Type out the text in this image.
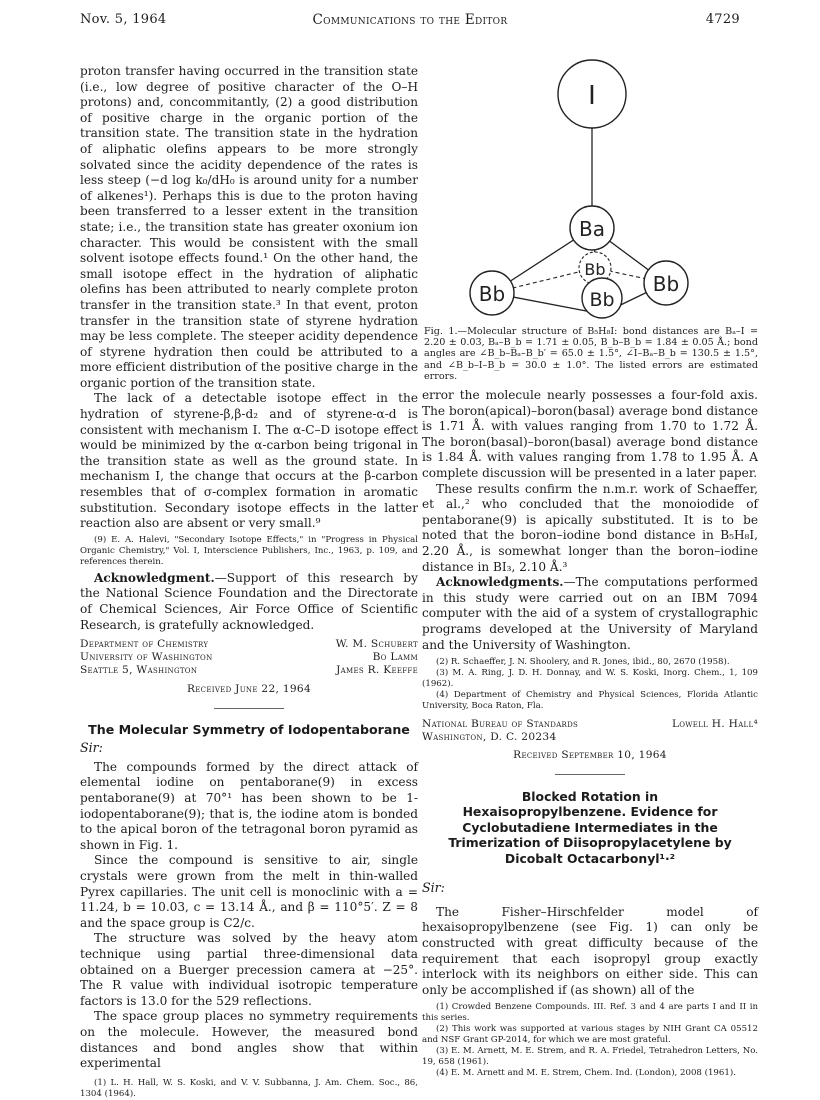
Nov. 5, 1964	Communications to the Editor	4729

proton transfer having occurred in the transition state (i.e., low degree of positive character of the O–H protons) and, concommitantly, (2) a good distribution of positive charge in the organic portion of the transition state. The transition state in the hydration of aliphatic olefins appears to be more strongly solvated since the acidity dependence of the rates is less steep (−d log k₀/dH₀ is around unity for a number of alkenes¹). Perhaps this is due to the proton having been transferred to a lesser extent in the transition state; i.e., the transition state has greater oxonium ion character. This would be consistent with the small solvent isotope effects found.¹ On the other hand, the small isotope effect in the hydration of aliphatic olefins has been attributed to nearly complete proton transfer in the transition state.³ In that event, proton transfer in the transition state of styrene hydration may be less complete. The steeper acidity dependence of styrene hydration then could be attributed to a more efficient distribution of the positive charge in the organic portion of the transition state.

The lack of a detectable isotope effect in the hydration of styrene-β,β-d₂ and of styrene-α-d is consistent with mechanism I. The α-C–D isotope effect would be minimized by the α-carbon being trigonal in the transition state as well as the ground state. In mechanism I, the change that occurs at the β-carbon resembles that of σ-complex formation in aromatic substitution. Secondary isotope effects in the latter reaction also are absent or very small.⁹

(9) E. A. Halevi, "Secondary Isotope Effects," in "Progress in Physical Organic Chemistry," Vol. I, Interscience Publishers, Inc., 1963, p. 109, and references therein.

Acknowledgment.—Support of this research by the National Science Foundation and the Directorate of Chemical Sciences, Air Force Office of Scientific Research, is gratefully acknowledged.

Department of Chemistry	W. M. Schubert
University of Washington	Bo Lamm
Seattle 5, Washington	James R. Keeffe

Received June 22, 1964

The Molecular Symmetry of Iodopentaborane

Sir:

The compounds formed by the direct attack of elemental iodine on pentaborane(9) in excess pentaborane(9) at 70°¹ has been shown to be 1-iodopentaborane(9); that is, the iodine atom is bonded to the apical boron of the tetragonal boron pyramid as shown in Fig. 1.

Since the compound is sensitive to air, single crystals were grown from the melt in thin-walled Pyrex capillaries. The unit cell is monoclinic with a = 11.24, b = 10.03, c = 13.14 Å., and β = 110°5′. Z = 8 and the space group is C2/c.

The structure was solved by the heavy atom technique using partial three-dimensional data obtained on a Buerger precession camera at −25°. The R value with individual isotropic temperature factors is 13.0 for the 529 reflections.

The space group places no symmetry requirements on the molecule. However, the measured bond distances and bond angles show that within experimental

(1) L. H. Hall, W. S. Koski, and V. V. Subbanna, J. Am. Chem. Soc., 86, 1304 (1964).

I
Ba
Bb
Bb	Bb
Bb

Fig. 1.—Molecular structure of B₅H₈I: bond distances are Bₐ–I = 2.20 ± 0.03, Bₐ–B_b = 1.71 ± 0.05, B_b–B_b = 1.84 ± 0.05 Å.; bond angles are ∠B_b–Bₐ–B_b′ = 65.0 ± 1.5°, ∠I–Bₐ–B_b = 130.5 ± 1.5°, and ∠B_b–I–B_b = 30.0 ± 1.0°. The listed errors are estimated errors.

error the molecule nearly possesses a four-fold axis. The boron(apical)–boron(basal) average bond distance is 1.71 Å. with values ranging from 1.70 to 1.72 Å. The boron(basal)–boron(basal) average bond distance is 1.84 Å. with values ranging from 1.78 to 1.95 Å. A complete discussion will be presented in a later paper.

These results confirm the n.m.r. work of Schaeffer, et al.,² who concluded that the monoiodide of pentaborane(9) is apically substituted. It is to be noted that the boron–iodine bond distance in B₅H₈I, 2.20 Å., is somewhat longer than the boron–iodine distance in BI₃, 2.10 Å.³

Acknowledgments.—The computations performed in this study were carried out on an IBM 7094 computer with the aid of a system of crystallographic programs developed at the University of Maryland and the University of Washington.

(2) R. Schaeffer, J. N. Shoolery, and R. Jones, ibid., 80, 2670 (1958).

(3) M. A. Ring, J. D. H. Donnay, and W. S. Koski, Inorg. Chem., 1, 109 (1962).

(4) Department of Chemistry and Physical Sciences, Florida Atlantic University, Boca Raton, Fla.

National Bureau of Standards	Lowell H. Hall⁴
Washington, D. C. 20234	

Received September 10, 1964

Blocked Rotation in Hexaisopropylbenzene. Evidence for Cyclobutadiene Intermediates in the Trimerization of Diisopropylacetylene by Dicobalt Octacarbonyl¹·²

Sir:

The Fisher–Hirschfelder model of hexaisopropylbenzene (see Fig. 1) can only be constructed with great difficulty because of the requirement that each isopropyl group exactly interlock with its neighbors on either side. This can only be accomplished if (as shown) all of the

(1) Crowded Benzene Compounds. III. Ref. 3 and 4 are parts I and II in this series.

(2) This work was supported at various stages by NIH Grant CA 05512 and NSF Grant GP-2014, for which we are most grateful.

(3) E. M. Arnett, M. E. Strem, and R. A. Friedel, Tetrahedron Letters, No. 19, 658 (1961).

(4) E. M. Arnett and M. E. Strem, Chem. Ind. (London), 2008 (1961).
